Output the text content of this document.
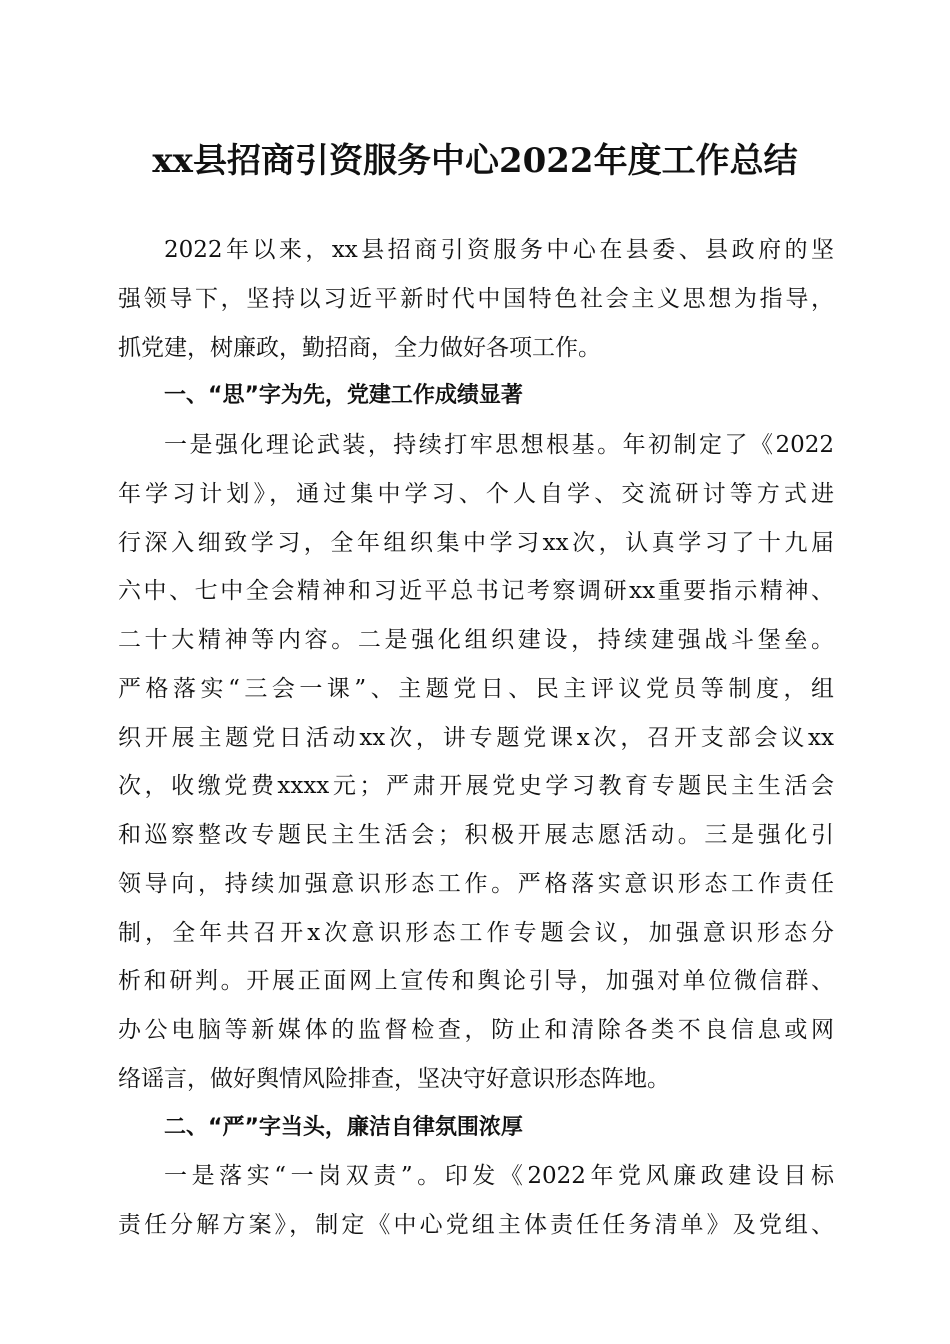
xx县招商引资服务中心2022年度工作总结
2022年以来，xx县招商引资服务中心在县委、县政府的坚
强领导下，坚持以习近平新时代中国特色社会主义思想为指导，
抓党建，树廉政，勤招商，全力做好各项工作。
一、“思”字为先，党建工作成绩显著
一是强化理论武装，持续打牢思想根基。年初制定了《2022
年学习计划》，通过集中学习、个人自学、交流研讨等方式进
行深入细致学习，全年组织集中学习xx次，认真学习了十九届
六中、七中全会精神和习近平总书记考察调研xx重要指示精神、
二十大精神等内容。二是强化组织建设，持续建强战斗堡垒。
严格落实“三会一课”、主题党日、民主评议党员等制度，组
织开展主题党日活动xx次，讲专题党课x次，召开支部会议xx
次，收缴党费xxxx元；严肃开展党史学习教育专题民主生活会
和巡察整改专题民主生活会；积极开展志愿活动。三是强化引
领导向，持续加强意识形态工作。严格落实意识形态工作责任
制，全年共召开x次意识形态工作专题会议，加强意识形态分
析和研判。开展正面网上宣传和舆论引导，加强对单位微信群、
办公电脑等新媒体的监督检查，防止和清除各类不良信息或网
络谣言，做好舆情风险排查，坚决守好意识形态阵地。
二、“严”字当头，廉洁自律氛围浓厚
一是落实“一岗双责”。印发《2022年党风廉政建设目标
责任分解方案》，制定《中心党组主体责任任务清单》及党组、
